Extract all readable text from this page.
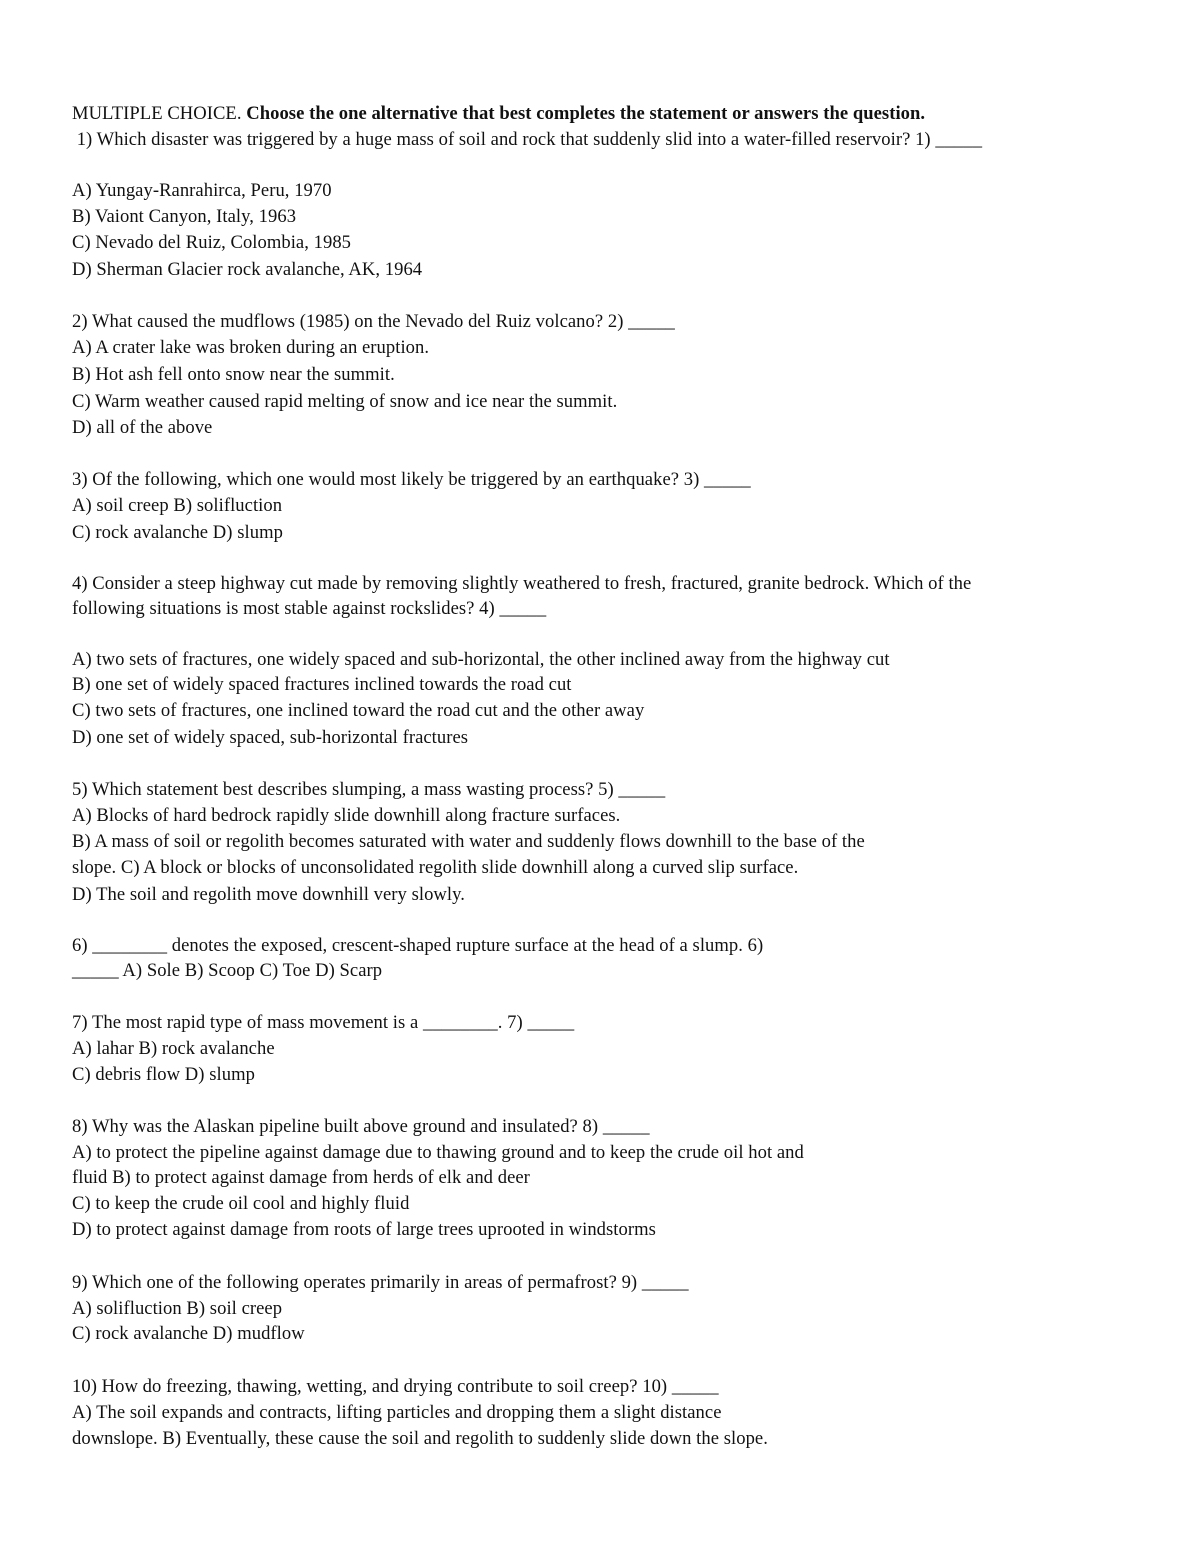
MULTIPLE CHOICE. Choose the one alternative that best completes the statement or answers the question.
1) Which disaster was triggered by a huge mass of soil and rock that suddenly slid into a water-filled reservoir? 1) _____
A) Yungay-Ranrahirca, Peru, 1970
B) Vaiont Canyon, Italy, 1963
C) Nevado del Ruiz, Colombia, 1985
D) Sherman Glacier rock avalanche, AK, 1964
2) What caused the mudflows (1985) on the Nevado del Ruiz volcano? 2) _____
A) A crater lake was broken during an eruption.
B) Hot ash fell onto snow near the summit.
C) Warm weather caused rapid melting of snow and ice near the summit.
D) all of the above
3) Of the following, which one would most likely be triggered by an earthquake? 3) _____
A) soil creep B) solifluction
C) rock avalanche D) slump
4) Consider a steep highway cut made by removing slightly weathered to fresh, fractured, granite bedrock. Which of the
following situations is most stable against rockslides? 4) _____
A) two sets of fractures, one widely spaced and sub-horizontal, the other inclined away from the highway cut
B) one set of widely spaced fractures inclined towards the road cut
C) two sets of fractures, one inclined toward the road cut and the other away
D) one set of widely spaced, sub-horizontal fractures
5) Which statement best describes slumping, a mass wasting process? 5) _____
A) Blocks of hard bedrock rapidly slide downhill along fracture surfaces.
B) A mass of soil or regolith becomes saturated with water and suddenly flows downhill to the base of the
slope. C) A block or blocks of unconsolidated regolith slide downhill along a curved slip surface.
D) The soil and regolith move downhill very slowly.
6) ________ denotes the exposed, crescent-shaped rupture surface at the head of a slump. 6)
_____ A) Sole B) Scoop C) Toe D) Scarp
7) The most rapid type of mass movement is a ________. 7) _____
A) lahar B) rock avalanche
C) debris flow D) slump
8) Why was the Alaskan pipeline built above ground and insulated? 8) _____
A) to protect the pipeline against damage due to thawing ground and to keep the crude oil hot and
fluid B) to protect against damage from herds of elk and deer
C) to keep the crude oil cool and highly fluid
D) to protect against damage from roots of large trees uprooted in windstorms
9) Which one of the following operates primarily in areas of permafrost? 9) _____
A) solifluction B) soil creep
C) rock avalanche D) mudflow
10) How do freezing, thawing, wetting, and drying contribute to soil creep? 10) _____
A) The soil expands and contracts, lifting particles and dropping them a slight distance
downslope. B) Eventually, these cause the soil and regolith to suddenly slide down the slope.
